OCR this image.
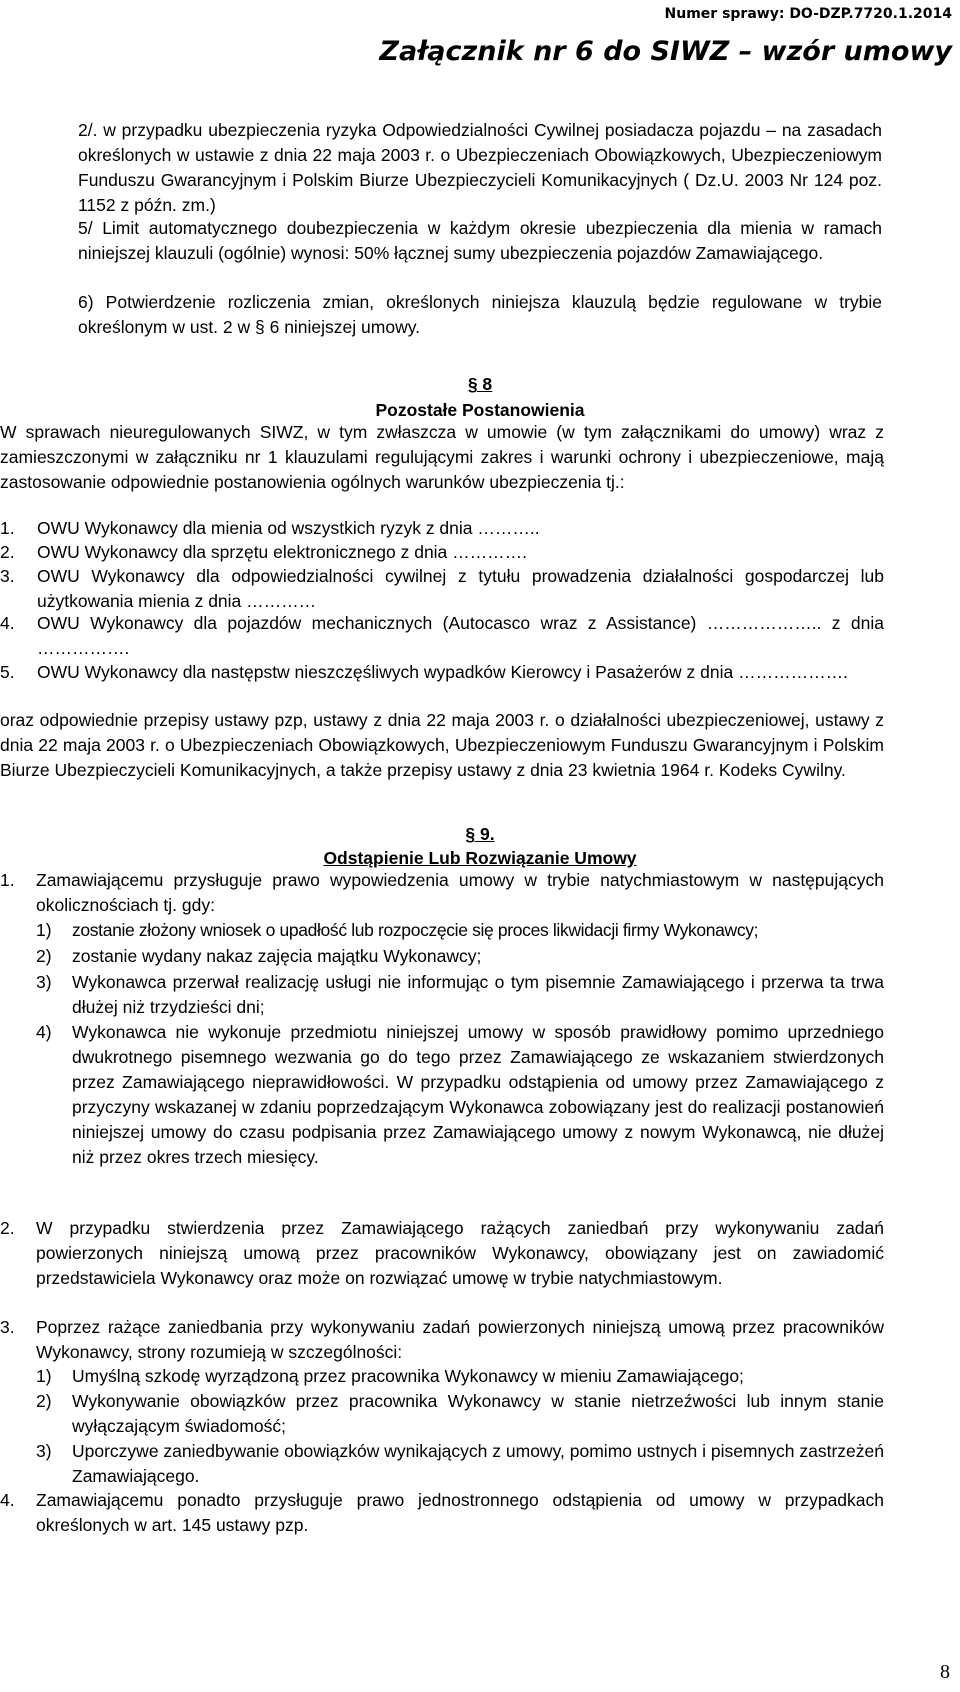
Numer sprawy: DO-DZP.7720.1.2014
Załącznik nr 6 do SIWZ – wzór umowy

2/. w przypadku ubezpieczenia ryzyka Odpowiedzialności Cywilnej posiadacza pojazdu – na zasadach określonych w ustawie z dnia 22 maja 2003 r. o Ubezpieczeniach Obowiązkowych, Ubezpieczeniowym Funduszu Gwarancyjnym i Polskim Biurze Ubezpieczycieli Komunikacyjnych ( Dz.U. 2003 Nr 124 poz. 1152 z późn. zm.)

5/ Limit automatycznego doubezpieczenia w każdym okresie ubezpieczenia dla mienia w ramach niniejszej klauzuli (ogólnie) wynosi: 50% łącznej sumy ubezpieczenia pojazdów Zamawiającego.

6) Potwierdzenie rozliczenia zmian, określonych niniejsza klauzulą będzie regulowane w trybie określonym w ust. 2 w § 6 niniejszej umowy.

§ 8

Pozostałe Postanowienia

W sprawach nieuregulowanych SIWZ, w tym zwłaszcza w umowie (w tym załącznikami do umowy) wraz z zamieszczonymi w załączniku nr 1 klauzulami regulującymi zakres i warunki ochrony i ubezpieczeniowe, mają zastosowanie odpowiednie postanowienia ogólnych warunków ubezpieczenia tj.:

1. OWU Wykonawcy dla mienia od wszystkich ryzyk z dnia ………..
2. OWU Wykonawcy dla sprzętu elektronicznego z dnia ………….
3. OWU Wykonawcy dla odpowiedzialności cywilnej z tytułu prowadzenia działalności gospodarczej lub użytkowania mienia z dnia …………
4. OWU Wykonawcy dla pojazdów mechanicznych (Autocasco wraz z Assistance) ……………….. z dnia …………….
5. OWU Wykonawcy dla następstw nieszczęśliwych wypadków Kierowcy i Pasażerów z dnia ……………….

oraz odpowiednie przepisy ustawy pzp, ustawy z dnia 22 maja 2003 r. o działalności ubezpieczeniowej, ustawy z dnia 22 maja 2003 r. o Ubezpieczeniach Obowiązkowych, Ubezpieczeniowym Funduszu Gwarancyjnym i Polskim Biurze Ubezpieczycieli Komunikacyjnych, a także przepisy ustawy z dnia 23 kwietnia 1964 r. Kodeks Cywilny.

§ 9.

Odstąpienie Lub Rozwiązanie Umowy

1. Zamawiającemu przysługuje prawo wypowiedzenia umowy w trybie natychmiastowym w następujących okolicznościach tj. gdy:
1) zostanie złożony wniosek o upadłość lub rozpoczęcie się proces likwidacji firmy Wykonawcy;
2) zostanie wydany nakaz zajęcia majątku Wykonawcy;
3) Wykonawca przerwał realizację usługi nie informując o tym pisemnie Zamawiającego i przerwa ta trwa dłużej niż trzydzieści dni;
4) Wykonawca nie wykonuje przedmiotu niniejszej umowy w sposób prawidłowy pomimo uprzedniego dwukrotnego pisemnego wezwania go do tego przez Zamawiającego ze wskazaniem stwierdzonych przez Zamawiającego nieprawidłowości. W przypadku odstąpienia od umowy przez Zamawiającego z przyczyny wskazanej w zdaniu poprzedzającym Wykonawca zobowiązany jest do realizacji postanowień niniejszej umowy do czasu podpisania przez Zamawiającego umowy z nowym Wykonawcą, nie dłużej niż przez okres trzech miesięcy.
2. W przypadku stwierdzenia przez Zamawiającego rażących zaniedbań przy wykonywaniu zadań powierzonych niniejszą umową przez pracowników Wykonawcy, obowiązany jest on zawiadomić przedstawiciela Wykonawcy oraz może on rozwiązać umowę w trybie natychmiastowym.
3. Poprzez rażące zaniedbania przy wykonywaniu zadań powierzonych niniejszą umową przez pracowników Wykonawcy, strony rozumieją w szczególności:
1) Umyślną szkodę wyrządzoną przez pracownika Wykonawcy w mieniu Zamawiającego;
2) Wykonywanie obowiązków przez pracownika Wykonawcy w stanie nietrzeźwości lub innym stanie wyłączającym świadomość;
3) Uporczywe zaniedbywanie obowiązków wynikających z umowy, pomimo ustnych i pisemnych zastrzeżeń Zamawiającego.
4. Zamawiającemu ponadto przysługuje prawo jednostronnego odstąpienia od umowy w przypadkach określonych w art. 145 ustawy pzp.
8
